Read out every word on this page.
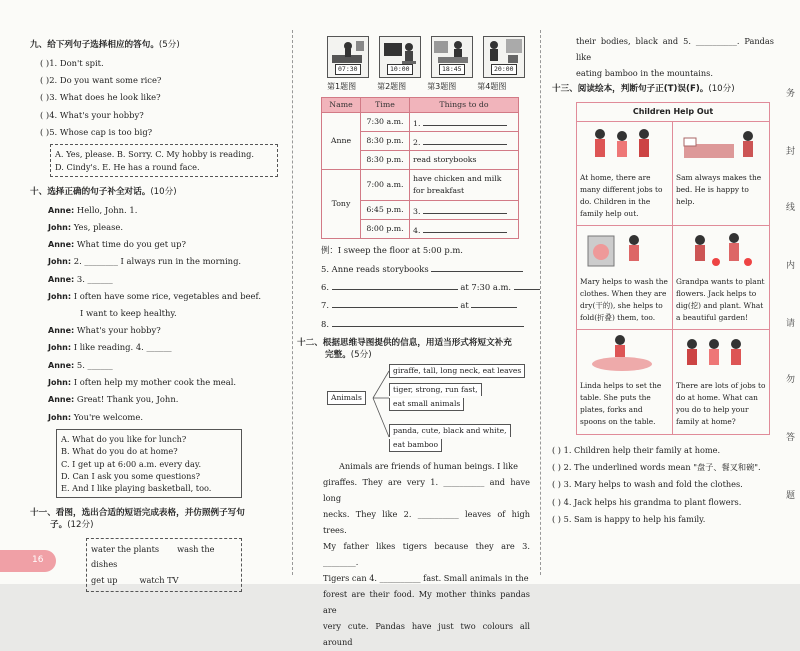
九、给下列句子选择相应的答句。(5分)
( )1. Don't spit.
( )2. Do you want some rice?
( )3. What does he look like?
( )4. What's your hobby?
( )5. Whose cap is too big?
A. Yes, please. B. Sorry. C. My hobby is reading.
D. Cindy's. E. He has a round face.
十、选择正确的句子补全对话。(10分)
Anne: Hello, John. 1.
John: Yes, please.
Anne: What time do you get up?
John: 2. ________ I always run in the morning.
Anne: 3. ______
John: I often have some rice, vegetables and beef.
I want to keep healthy.
Anne: What's your hobby?
John: I like reading. 4. ______
Anne: 5. ______
John: I often help my mother cook the meal.
Anne: Great! Thank you, John.
John: You're welcome.
A. What do you like for lunch?
B. What do you do at home?
C. I get up at 6:00 a.m. every day.
D. Can I ask you some questions?
E. And I like playing basketball, too.
十一、看图，选出合适的短语完成表格，并仿照例子写句
子。(12分)
water the plants wash the dishes
get up	watch TV
07:30	10:00	18:45	20:00
第1题图	第2题图	第3题图	第4题图
Name	Time	Things to do
Anne	7:30 a.m.	1.
	8:30 p.m.	2.
	8:30 p.m.	read storybooks
Tony	7:00 a.m.	have chicken and milk for breakfast
	6:45 p.m.	3.
	8:00 p.m.	4.
例：I sweep the floor at 5:00 p.m.
5. Anne reads storybooks
6.	at 7:30 a.m.
7.	at
8.
十二、根据思维导图提供的信息，用适当形式将短文补充
完整。(5分)
Animals
giraffe, tall, long neck, eat leaves
tiger, strong, run fast,
eat small animals
panda, cute, black and white,
eat bamboo
Animals are friends of human beings. I like
giraffes. They are very 1. __________ and have long
necks. They like 2. __________ leaves of high trees.
My father likes tigers because they are 3. ________.
Tigers can 4. __________ fast. Small animals in the
forest are their food. My mother thinks pandas are
very cute. Pandas have just two colours all around
their bodies, black and 5. __________. Pandas like
eating bamboo in the mountains.
十三、阅读绘本，判断句子正(T)误(F)。(10分)
Children Help Out
At home, there are many different jobs to do. Children in the family help out.
Sam always makes the bed. He is happy to help.
Mary helps to wash the clothes. When they are dry(干的), she helps to fold(折叠) them, too.
Grandpa wants to plant flowers. Jack helps to dig(挖) and plant. What a beautiful garden!
Linda helps to set the table. She puts the plates, forks and spoons on the table.
There are lots of jobs to do at home. What can you do to help your family at home?
( ) 1. Children help their family at home.
( ) 2. The underlined words mean "盘子、餐叉和碗".
( ) 3. Mary helps to wash and fold the clothes.
( ) 4. Jack helps his grandma to plant flowers.
( ) 5. Sam is happy to help his family.
务
封
线
内
请
勿
答
题
16
